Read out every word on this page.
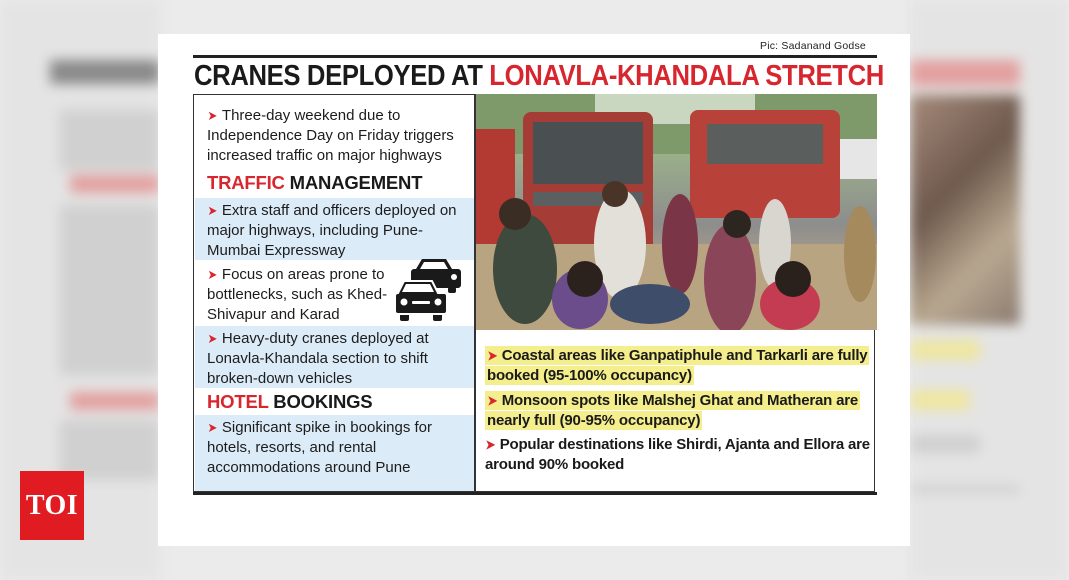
Pic: Sadanand Godse
CRANES DEPLOYED AT LONAVLA-KHANDALA STRETCH
➤ Three-day weekend due to Independence Day on Friday triggers increased traffic on major highways
TRAFFIC MANAGEMENT
➤ Extra staff and officers deployed on major highways, including Pune-Mumbai Expressway
➤ Focus on areas prone to bottlenecks, such as Khed-Shivapur and Karad
➤ Heavy-duty cranes deployed at Lonavla-Khandala section to shift broken-down vehicles
HOTEL BOOKINGS
➤ Significant spike in bookings for hotels, resorts, and rental accommodations around Pune
➤ Coastal areas like Ganpatiphule and Tarkarli are fully booked (95-100% occupancy)
➤ Monsoon spots like Malshej Ghat and Matheran are nearly full (90-95% occupancy)
➤ Popular destinations like Shirdi, Ajanta and Ellora are around 90% booked
TOI
